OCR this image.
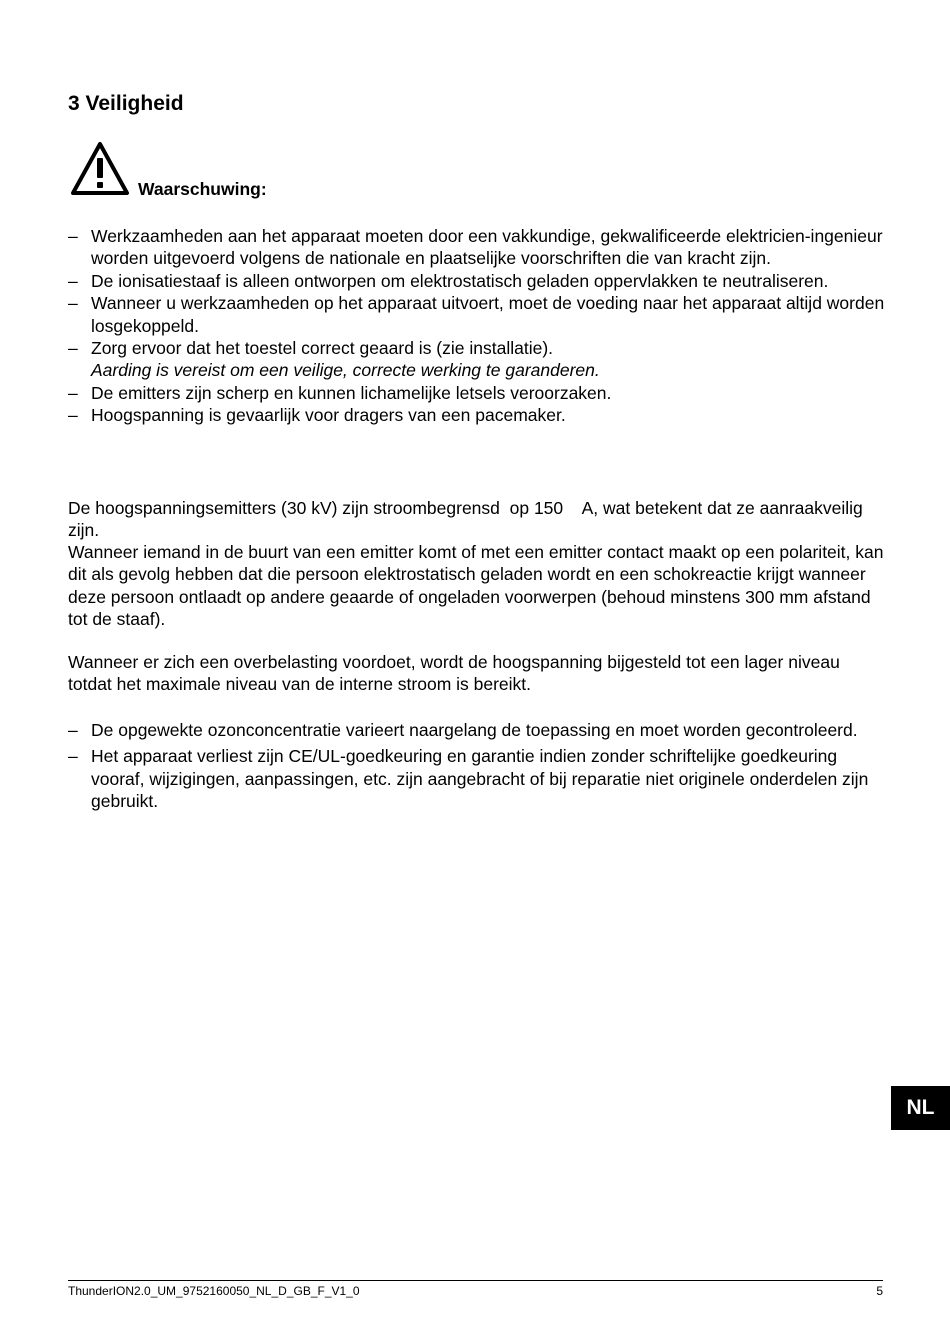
3 Veiligheid
Waarschuwing:
– Werkzaamheden aan het apparaat moeten door een vakkundige, gekwalificeerde elektricien-ingenieur worden uitgevoerd volgens de nationale en plaatselijke voorschriften die van kracht zijn.
– De ionisatiestaaf is alleen ontworpen om elektrostatisch geladen oppervlakken te neutraliseren.
– Wanneer u werkzaamheden op het apparaat uitvoert, moet de voeding naar het apparaat altijd worden losgekoppeld.
– Zorg ervoor dat het toestel correct geaard is (zie installatie).
Aarding is vereist om een veilige, correcte werking te garanderen.
– De emitters zijn scherp en kunnen lichamelijke letsels veroorzaken.
– Hoogspanning is gevaarlijk voor dragers van een pacemaker.

De hoogspanningsemitters (30 kV) zijn stroombegrensd  op 150    A, wat betekent dat ze aanraakveilig zijn.

Wanneer iemand in de buurt van een emitter komt of met een emitter contact maakt op een polariteit, kan dit als gevolg hebben dat die persoon elektrostatisch geladen wordt en een schokreactie krijgt wanneer deze persoon ontlaadt op andere geaarde of ongeladen voorwerpen (behoud minstens 300 mm afstand tot de staaf).

Wanneer er zich een overbelasting voordoet, wordt de hoogspanning bijgesteld tot een lager niveau totdat het maximale niveau van de interne stroom is bereikt.

– De opgewekte ozonconcentratie varieert naargelang de toepassing en moet worden gecontroleerd.
– Het apparaat verliest zijn CE/UL-goedkeuring en garantie indien zonder schriftelijke goedkeuring vooraf, wijzigingen, aanpassingen, etc. zijn aangebracht of bij reparatie niet originele onderdelen zijn gebruikt.
NL
ThunderION2.0_UM_9752160050_NL_D_GB_F_V1_0	5
